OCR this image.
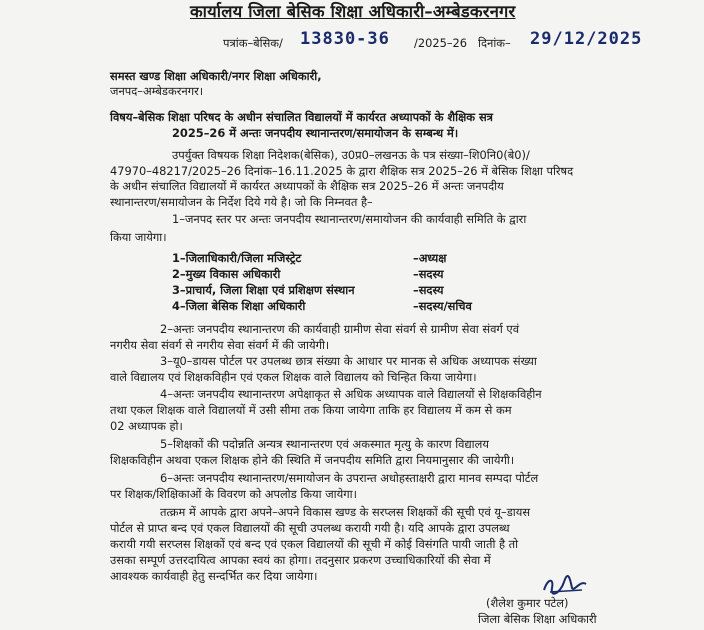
कार्यालय जिला बेसिक शिक्षा अधिकारी–अम्बेडकरनगर
पत्रांक–बेसिक/ 13830-36 /2025–26 दिनांक– 29/12/2025
समस्त खण्ड शिक्षा अधिकारी/नगर शिक्षा अधिकारी,
जनपद–अम्बेडकरनगर।
विषय–बेसिक शिक्षा परिषद के अधीन संचालित विद्यालयों में कार्यरत अध्यापकों के शैक्षिक सत्र
2025–26 में अन्तः जनपदीय स्थानान्तरण/समायोजन के सम्बन्ध में।
उपर्युक्त विषयक शिक्षा निदेशक(बेसिक), उ0प्र0–लखनऊ के पत्र संख्या–शि0नि0(बे0)/
47970–48217/2025–26 दिनांक–16.11.2025 के द्वारा शैक्षिक सत्र 2025–26 में बेसिक शिक्षा परिषद
के अधीन संचालित विद्यालयों में कार्यरत अध्यापकों के शैक्षिक सत्र 2025–26 में अन्तः जनपदीय
स्थानान्तरण/समायोजन के निर्देश दिये गये है। जो कि निम्नवत है–
1–जनपद स्तर पर अन्तः जनपदीय स्थानान्तरण/समायोजन की कार्यवाही समिति के द्वारा
किया जायेगा।
1–जिलाधिकारी/जिला मजिस्ट्रेट	–अध्यक्ष
2–मुख्य विकास अधिकारी	–सदस्य
3–प्राचार्य, जिला शिक्षा एवं प्रशिक्षण संस्थान	–सदस्य
4–जिला बेसिक शिक्षा अधिकारी	–सदस्य/सचिव
2–अन्तः जनपदीय स्थानान्तरण की कार्यवाही ग्रामीण सेवा संवर्ग से ग्रामीण सेवा संवर्ग एवं
नगरीय सेवा संवर्ग से नगरीय सेवा संवर्ग में की जायेगी।
3–यू0–डायस पोर्टल पर उपलब्ध छात्र संख्या के आधार पर मानक से अधिक अध्यापक संख्या
वाले विद्यालय एवं शिक्षकविहीन एवं एकल शिक्षक वाले विद्यालय को चिन्हित किया जायेगा।
4–अन्तः जनपदीय स्थानान्तरण अपेक्षाकृत से अधिक अध्यापक वाले विद्यालयों से शिक्षकविहीन
तथा एकल शिक्षक वाले विद्यालयों में उसी सीमा तक किया जायेगा ताकि हर विद्यालय में कम से कम
02 अध्यापक हो।
5–शिक्षकों की पदोन्नति अन्यत्र स्थानान्तरण एवं अकस्मात मृत्यु के कारण विद्यालय
शिक्षकविहीन अथवा एकल शिक्षक होने की स्थिति में जनपदीय समिति द्वारा नियमानुसार की जायेगी।
6–अन्तः जनपदीय स्थानान्तरण/समायोजन के उपरान्त अधोहस्ताक्षरी द्वारा मानव सम्पदा पोर्टल
पर शिक्षक/शिक्षिकाओं के विवरण को अपलोड किया जायेगा।
तत्क्रम में आपके द्वारा अपने–अपने विकास खण्ड के सरप्लस शिक्षकों की सूची एवं यू–डायस
पोर्टल से प्राप्त बन्द एवं एकल विद्यालयों की सूची उपलब्ध करायी गयी है। यदि आपके द्वारा उपलब्ध
करायी गयी सरप्लस शिक्षकों एवं बन्द एवं एकल विद्यालयों की सूची में कोई विसंगति पायी जाती है तो
उसका सम्पूर्ण उत्तरदायित्व आपका स्वयं का होगा। तदनुसार प्रकरण उच्चाधिकारियों की सेवा में
आवश्यक कार्यवाही हेतु सन्दर्भित कर दिया जायेगा।
(शैलेश कुमार पटेल)
जिला बेसिक शिक्षा अधिकारी
